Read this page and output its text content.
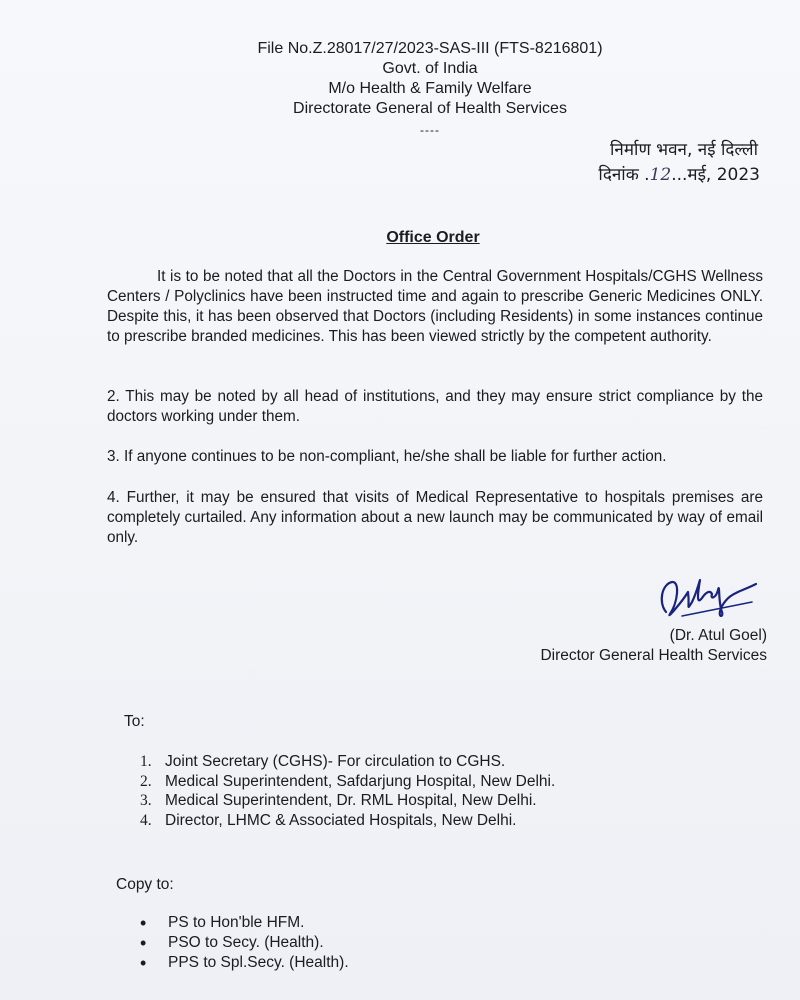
File No.Z.28017/27/2023-SAS-III (FTS-8216801)
Govt. of India
M/o Health & Family Welfare
Directorate General of Health Services
----
निर्माण भवन, नई दिल्ली
दिनांक .12...मई, 2023
Office Order
It is to be noted that all the Doctors in the Central Government Hospitals/CGHS Wellness Centers / Polyclinics have been instructed time and again to prescribe Generic Medicines ONLY. Despite this, it has been observed that Doctors (including Residents) in some instances continue to prescribe branded medicines. This has been viewed strictly by the competent authority.
2. This may be noted by all head of institutions, and they may ensure strict compliance by the doctors working under them.
3. If anyone continues to be non-compliant, he/she shall be liable for further action.
4. Further, it may be ensured that visits of Medical Representative to hospitals premises are completely curtailed. Any information about a new launch may be communicated by way of email only.
(Dr. Atul Goel)
Director General Health Services
To:
1. Joint Secretary (CGHS)- For circulation to CGHS.
2. Medical Superintendent, Safdarjung Hospital, New Delhi.
3. Medical Superintendent, Dr. RML Hospital, New Delhi.
4. Director, LHMC & Associated Hospitals, New Delhi.
Copy to:
• PS to Hon'ble HFM.
• PSO to Secy. (Health).
• PPS to Spl.Secy. (Health).
